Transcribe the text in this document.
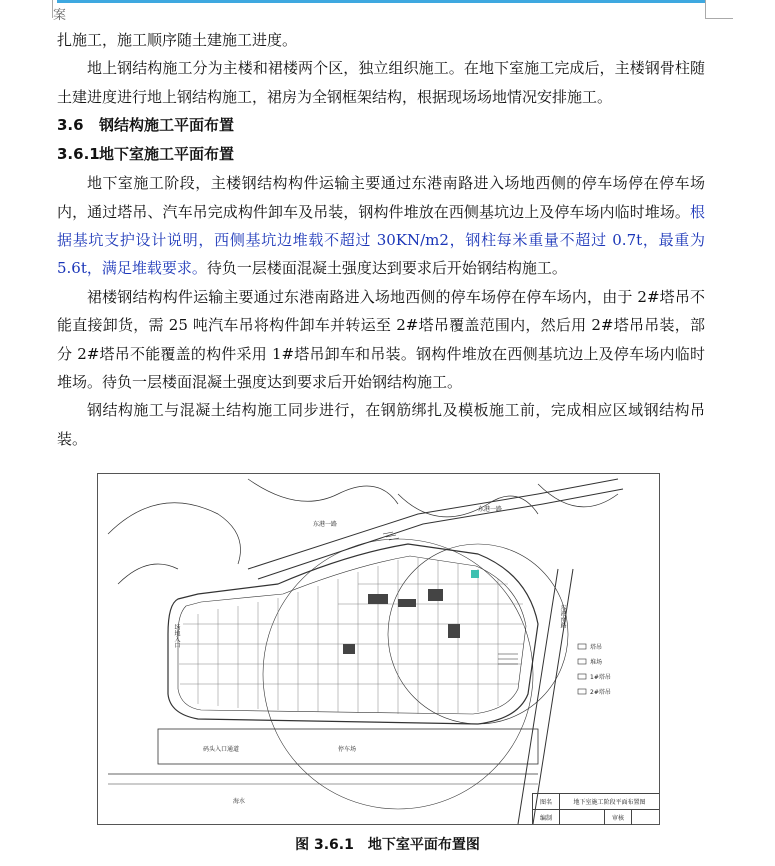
案

扎施工，施工顺序随土建施工进度。

地上钢结构施工分为主楼和裙楼两个区，独立组织施工。在地下室施工完成后，主楼钢骨柱随土建进度进行地上钢结构施工，裙房为全钢框架结构，根据现场场地情况安排施工。

3.6 钢结构施工平面布置

3.6.1地下室施工平面布置

地下室施工阶段，主楼钢结构构件运输主要通过东港南路进入场地西侧的停车场停在停车场内，通过塔吊、汽车吊完成构件卸车及吊装，钢构件堆放在西侧基坑边上及停车场内临时堆场。根据基坑支护设计说明，西侧基坑边堆载不超过 30KN/m2，钢柱每米重量不超过 0.7t，最重为 5.6t，满足堆载要求。待负一层楼面混凝土强度达到要求后开始钢结构施工。

裙楼钢结构构件运输主要通过东港南路进入场地西侧的停车场停在停车场内，由于 2#塔吊不能直接卸货，需 25 吨汽车吊将构件卸车并转运至 2#塔吊覆盖范围内，然后用 2#塔吊吊装，部分 2#塔吊不能覆盖的构件采用 1#塔吊卸车和吊装。钢构件堆放在西侧基坑边上及停车场内临时堆场。待负一层楼面混凝土强度达到要求后开始钢结构施工。

钢结构施工与混凝土结构施工同步进行，在钢筋绑扎及模板施工前，完成相应区域钢结构吊装。

东港一路
东港一路
东港南路
停车场
码头入口通道
海水
场地入口	塔吊
堆场
1#塔吊
2#塔吊
图名	地下室施工阶段平面布置图
编制	审核
图 3.6.1　地下室平面布置图
